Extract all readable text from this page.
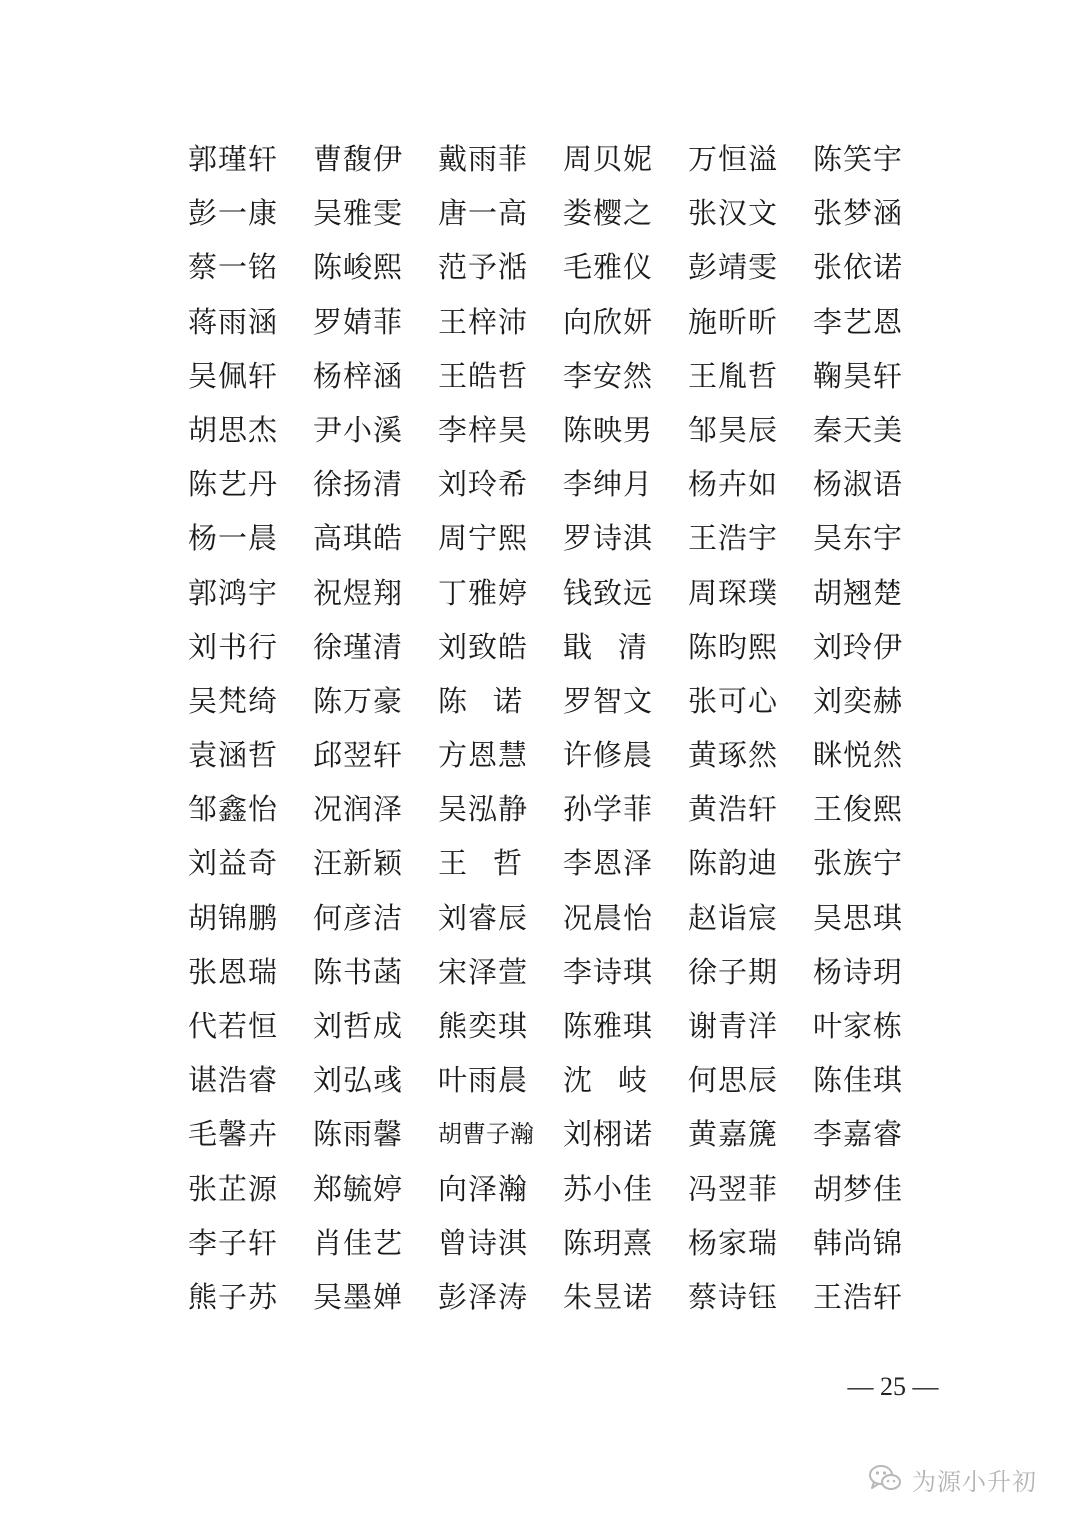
郭瑾轩	曹馥伊	戴雨菲	周贝妮	万恒溢	陈笑宇
彭一康	吴雅雯	唐一高	娄樱之	张汉文	张梦涵
蔡一铭	陈峻熙	范予湉	毛雅仪	彭靖雯	张依诺
蒋雨涵	罗婧菲	王梓沛	向欣妍	施昕昕	李艺恩
吴佩轩	杨梓涵	王皓哲	李安然	王胤哲	鞠昊轩
胡思杰	尹小溪	李梓昊	陈映男	邹昊辰	秦天美
陈艺丹	徐扬清	刘玲希	李绅月	杨卉如	杨淑语
杨一晨	高琪皓	周宁熙	罗诗淇	王浩宇	吴东宇
郭鸿宇	祝煜翔	丁雅婷	钱致远	周琛璞	胡翘楚
刘书行	徐瑾清	刘致皓	戢清 陈昀熙	刘玲伊
吴梵绮	陈万豪	陈诺 罗智文	张可心	刘奕赫
袁涵哲	邱翌轩	方恩慧	许修晨	黄琢然	眯悦然
邹鑫怡	况润泽	吴泓静	孙学菲	黄浩轩	王俊熙
刘益奇	汪新颖	王哲 李恩泽	陈韵迪	张族宁
胡锦鹏	何彦洁	刘睿辰	况晨怡	赵诣宸	吴思琪
张恩瑞	陈书菡	宋泽萱	李诗琪	徐子期	杨诗玥
代若恒	刘哲成	熊奕琪	陈雅琪	谢青洋	叶家栋
谌浩睿	刘弘彧	叶雨晨	沈岐 何思辰	陈佳琪
毛馨卉	陈雨馨	胡曹子瀚	刘栩诺	黄嘉篪	李嘉睿
张芷源	郑毓婷	向泽瀚	苏小佳	冯翌菲	胡梦佳
李子轩	肖佳艺	曾诗淇	陈玥熹	杨家瑞	韩尚锦
熊子苏	吴墨婵	彭泽涛	朱昱诺	蔡诗钰	王浩轩
— 25 —
为源小升初
